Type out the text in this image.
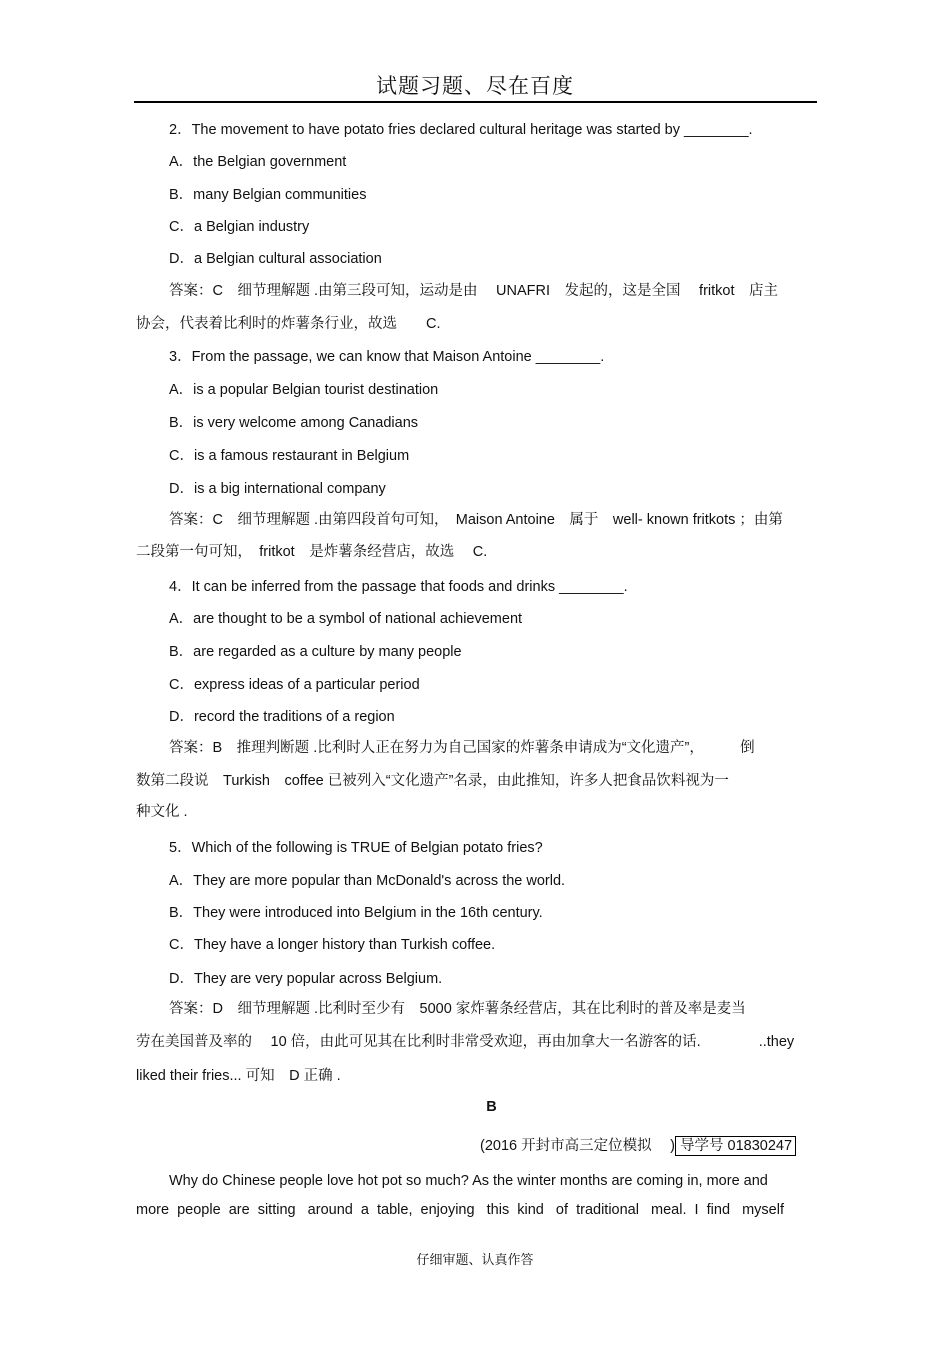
试题习题、尽在百度
2．The movement to have potato fries declared cultural heritage was started by ________.
A．the Belgian government
B．many Belgian communities
C．a Belgian industry
D．a Belgian cultural association
答案：C　细节理解题 .由第三段可知，运动是由　 UNAFRI　发起的，这是全国　 fritkot　店主
协会，代表着比利时的炸薯条行业，故选　　C.
3．From the passage, we can know that Maison Antoine ________.
A．is a popular Belgian tourist destination
B．is very welcome among Canadians
C．is a famous restaurant in Belgium
D．is a big international company
答案：C　细节理解题 .由第四段首句可知，　Maison Antoine　属于　well- known fritkots ；由第
二段第一句可知，　fritkot　是炸薯条经营店，故选　 C.
4．It can be inferred from the passage that foods and drinks ________.
A．are thought to be a symbol of national achievement
B．are regarded as a culture by many people
C．express ideas of a particular period
D．record the traditions of a region
答案：B　推理判断题 .比利时人正在努力为自己国家的炸薯条申请成为“文化遗产”，　　　倒
数第二段说　Turkish　coffee 已被列入“文化遗产”名录，由此推知，许多人把食品饮料视为一
种文化 .
5．Which of the following is TRUE of Belgian potato fries?
A．They are more popular than McDonald's across the world.
B．They were introduced into Belgium in the 16th century.
C．They have a longer history than Turkish coffee.
D．They are very popular across Belgium.
答案：D　细节理解题 .比利时至少有　5000 家炸薯条经营店，其在比利时的普及率是麦当
劳在美国普及率的　 10 倍，由此可见其在比利时非常受欢迎，再由加拿大一名游客的话.　　　　..they
liked their fries... 可知　D 正确 .
B
(2016 开封市高三定位模拟　 ) 导学号 01830247
Why do Chinese people love hot pot so much? As the winter months are coming in, more and
more  people  are  sitting   around  a  table,  enjoying   this  kind   of  traditional   meal.  I  find   myself
仔细审题、认真作答
